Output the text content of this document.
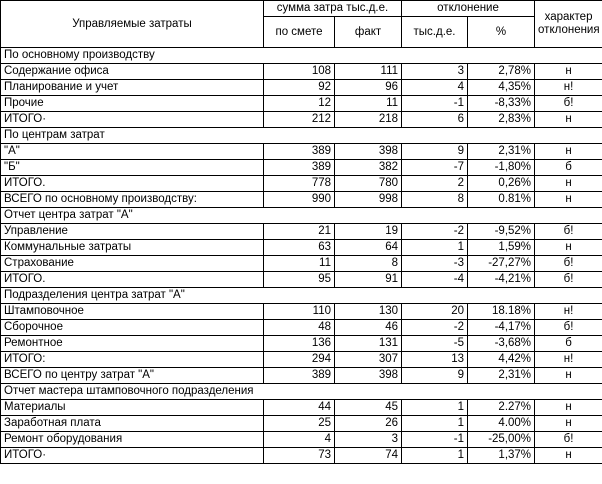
Управляемые затраты	сумма затра тыс.д.е.		отклонение		характер отклонения
	по смете	факт	тыс.д.е.	%	
По основному производству					
Содержание офиса	108	111	3	2,78%	н
Планирование и учет	92	96	4	4,35%	н!
Прочие	12	11	-1	-8,33%	б!
ИТОГО·	212	218	6	2,83%	н
По центрам затрат					
"А"	389	398	9	2,31%	н
"Б"	389	382	-7	-1,80%	б
ИТОГО.	778	780	2	0,26%	н
ВСЕГО по основному производству:	990	998	8	0.81%	н
Отчет центра затрат "А"					
Управление	21	19	-2	-9,52%	б!
Коммунальные затраты	63	64	1	1,59%	н
Страхование	11	8	-3	-27,27%	б!
ИТОГО.	95	91	-4	-4,21%	б!
Подразделения центра затрат "А"					
Штамповочное	110	130	20	18.18%	н!
Сборочное	48	46	-2	-4,17%	б!
Ремонтное	136	131	-5	-3,68%	б
ИТОГО:	294	307	13	4,42%	н!
ВСЕГО по центру затрат "А"	389	398	9	2,31%	н
Отчет мастера штамповочного подразделения					
Материалы	44	45	1	2.27%	н
Заработная плата	25	26	1	4.00%	н
Ремонт оборудования	4	3	-1	-25,00%	б!
ИТОГО·	73	74	1	1,37%	н
